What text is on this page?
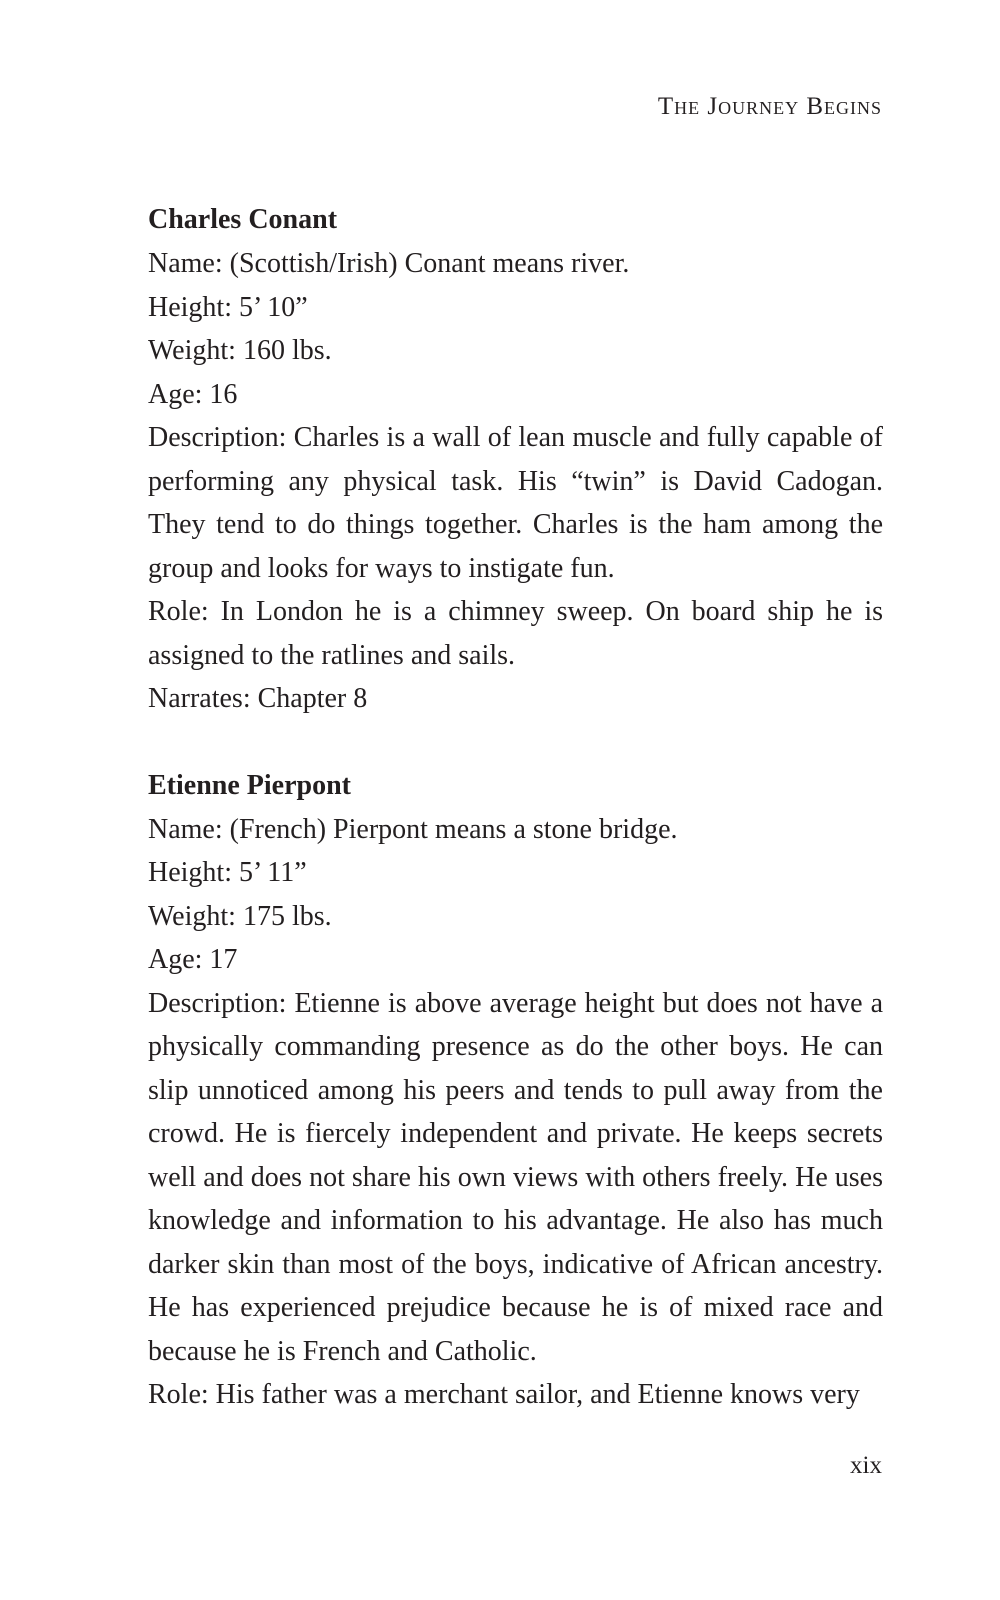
The Journey Begins
Charles Conant
Name: (Scottish/Irish) Conant means river.
Height: 5’ 10”
Weight: 160 lbs.
Age: 16
Description: Charles is a wall of lean muscle and fully capable of performing any physical task. His “twin” is David Cadogan. They tend to do things together. Charles is the ham among the group and looks for ways to instigate fun.
Role: In London he is a chimney sweep. On board ship he is assigned to the ratlines and sails.
Narrates: Chapter 8
Etienne Pierpont
Name: (French) Pierpont means a stone bridge.
Height: 5’ 11”
Weight: 175 lbs.
Age: 17
Description: Etienne is above average height but does not have a physically commanding presence as do the other boys. He can slip unnoticed among his peers and tends to pull away from the crowd. He is fiercely independent and private. He keeps secrets well and does not share his own views with others freely. He uses knowledge and information to his advantage. He also has much darker skin than most of the boys, indicative of African ancestry. He has experienced prejudice because he is of mixed race and because he is French and Catholic.
Role: His father was a merchant sailor, and Etienne knows very
xix
